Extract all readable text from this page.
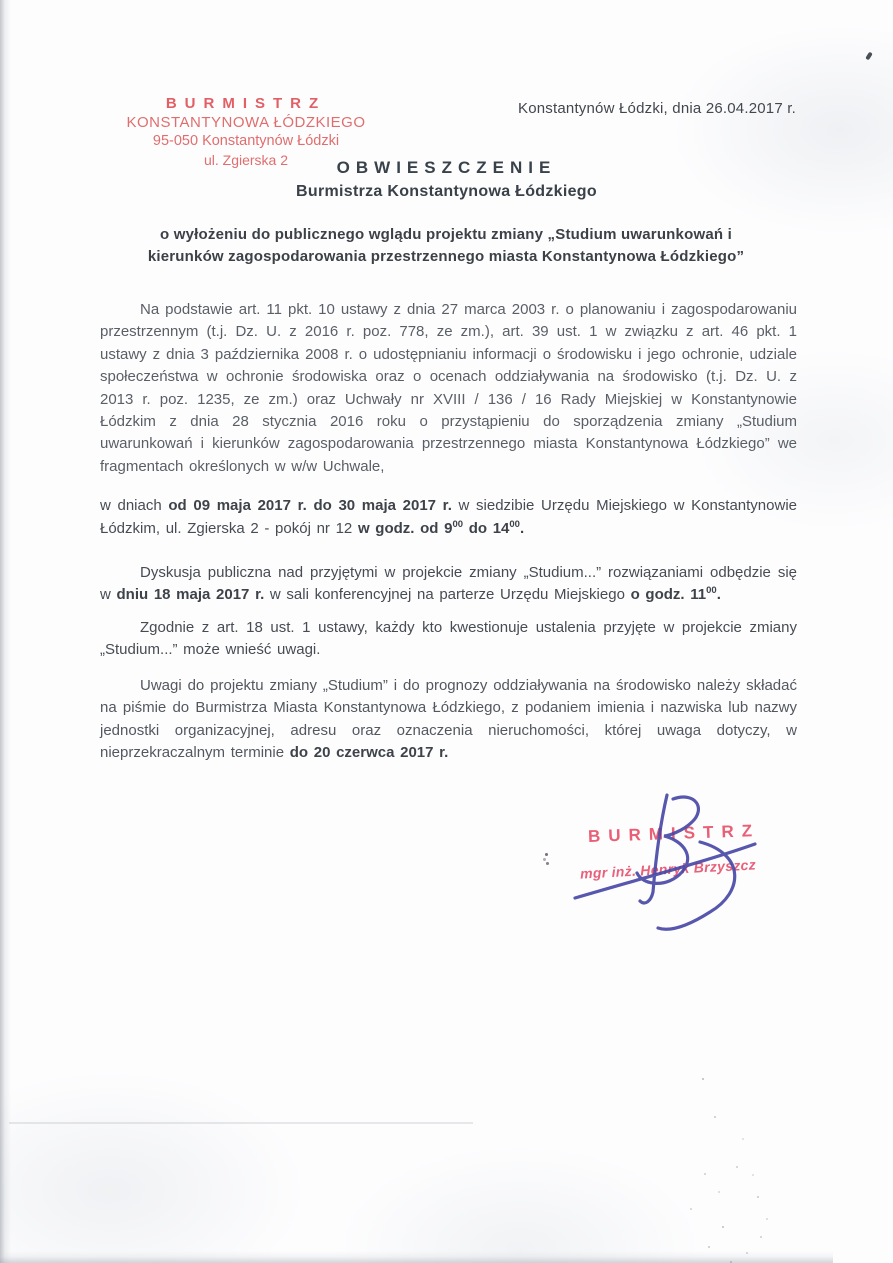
BURMISTRZ
KONSTANTYNOWA ŁÓDZKIEGO
95-050 Konstantynów Łódzki
ul. Zgierska 2
Konstantynów Łódzki, dnia 26.04.2017 r.
OBWIESZCZENIE
Burmistrza Konstantynowa Łódzkiego
o wyłożeniu do publicznego wglądu projektu zmiany „Studium uwarunkowań i
kierunków zagospodarowania przestrzennego miasta Konstantynowa Łódzkiego”

Na podstawie art. 11 pkt. 10 ustawy z dnia 27 marca 2003 r. o planowaniu i zagospodarowaniu przestrzennym (t.j. Dz. U. z 2016 r. poz. 778, ze zm.), art. 39 ust. 1 w związku z art. 46 pkt. 1 ustawy z dnia 3 października 2008 r. o udostępnianiu informacji o środowisku i jego ochronie, udziale społeczeństwa w ochronie środowiska oraz o ocenach oddziaływania na środowisko (t.j. Dz. U. z 2013 r. poz. 1235, ze zm.) oraz Uchwały nr XVIII / 136 / 16 Rady Miejskiej w Konstantynowie Łódzkim z dnia 28 stycznia 2016 roku o przystąpieniu do sporządzenia zmiany „Studium uwarunkowań i kierunków zagospodarowania przestrzennego miasta Konstantynowa Łódzkiego” we fragmentach określonych w w/w Uchwale,

w dniach od 09 maja 2017 r. do 30 maja 2017 r. w siedzibie Urzędu Miejskiego w Konstantynowie Łódzkim, ul. Zgierska 2 - pokój nr 12 w godz. od $9^{00}$ do $14^{00}$.

Dyskusja publiczna nad przyjętymi w projekcie zmiany „Studium...” rozwiązaniami odbędzie się w dniu 18 maja 2017 r. w sali konferencyjnej na parterze Urzędu Miejskiego o godz. $11^{00}$.

Zgodnie z art. 18 ust. 1 ustawy, każdy kto kwestionuje ustalenia przyjęte w projekcie zmiany „Studium...” może wnieść uwagi.

Uwagi do projektu zmiany „Studium” i do prognozy oddziaływania na środowisko należy składać na piśmie do Burmistrza Miasta Konstantynowa Łódzkiego, z podaniem imienia i nazwiska lub nazwy jednostki organizacyjnej, adresu oraz oznaczenia nieruchomości, której uwaga dotyczy, w nieprzekraczalnym terminie do 20 czerwca 2017 r.

BURMISTRZ
mgr inż. Henryk Brzyszcz
